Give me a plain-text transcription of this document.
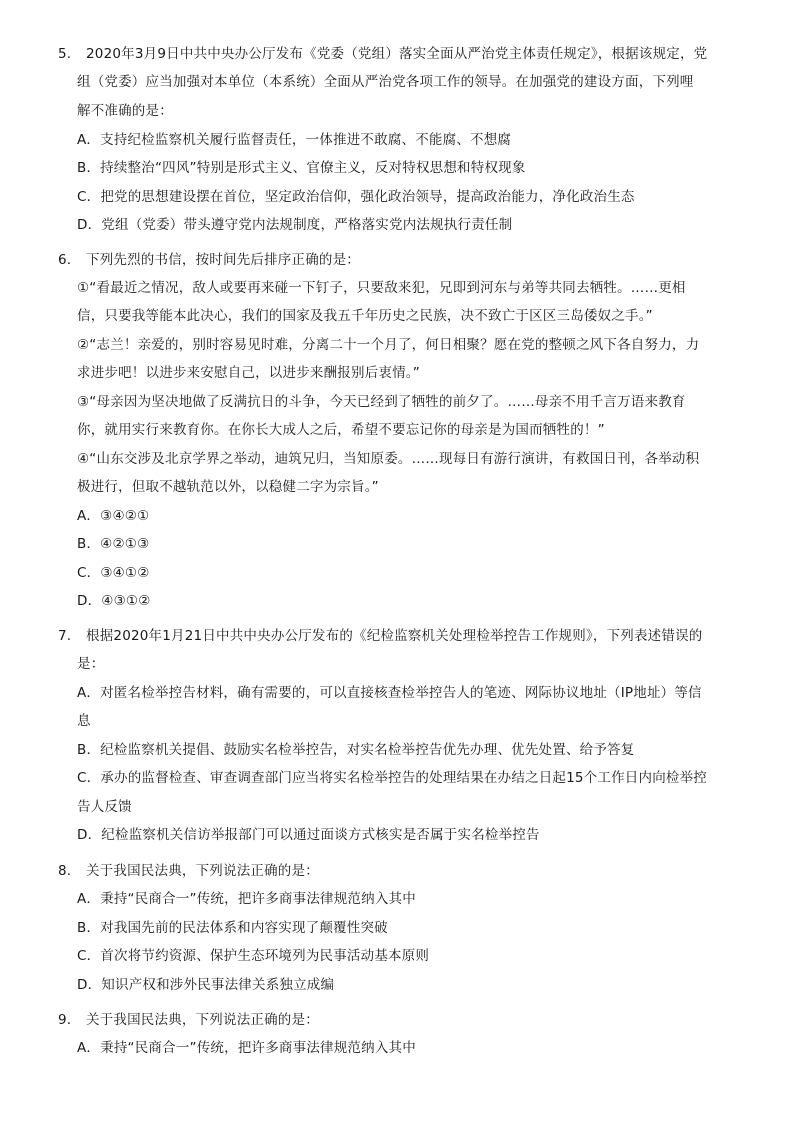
5. 2020年3月9日中共中央办公厅发布《党委（党组）落实全面从严治党主体责任规定》，根据该规定，党
组（党委）应当加强对本单位（本系统）全面从严治党各项工作的领导。在加强党的建设方面，下列哩
解不准确的是：
A．支持纪检监察机关履行监督责任，一体推进不敢腐、不能腐、不想腐
B．持续整治“四风”特别是形式主义、官僚主义，反对特权思想和特权现象
C．把党的思想建设摆在首位，坚定政治信仰，强化政治领导，提高政治能力，净化政治生态
D．党组（党委）带头遵守党内法规制度，严格落实党内法规执行责任制
6. 下列先烈的书信，按时间先后排序正确的是：
①“看最近之情况，敌人或要再来碰一下钉子，只要敌来犯，兄即到河东与弟等共同去牺牲。……更相
信，只要我等能本此决心，我们的国家及我五千年历史之民族，决不致亡于区区三岛倭奴之手。”
②“志兰！亲爱的，别时容易见时难，分离二十一个月了，何日相聚？愿在党的整顿之风下各自努力，力
求进步吧！以进步来安慰自己，以进步来酬报别后衷情。”
③“母亲因为坚决地做了反满抗日的斗争，今天已经到了牺牲的前夕了。……母亲不用千言万语来教育
你，就用实行来教育你。在你长大成人之后，希望不要忘记你的母亲是为国而牺牲的！”
④“山东交涉及北京学界之举动，迪筑兄归，当知原委。……现每日有游行演讲，有救国日刊，各举动积
极进行，但取不越轨范以外，以稳健二字为宗旨。”
A．③④②①
B．④②①③
C．③④①②
D．④③①②
7. 根据2020年1月21日中共中央办公厅发布的《纪检监察机关处理检举控告工作规则》，下列表述错误的
是：
A．对匿名检举控告材料，确有需要的，可以直接核查检举控告人的笔迹、网际协议地址（IP地址）等信
息
B．纪检监察机关提倡、鼓励实名检举控告，对实名检举控告优先办理、优先处置、给予答复
C．承办的监督检查、审查调查部门应当将实名检举控告的处理结果在办结之日起15个工作日内向检举控
告人反馈
D．纪检监察机关信访举报部门可以通过面谈方式核实是否属于实名检举控告
8. 关于我国民法典，下列说法正确的是：
A．秉持“民商合一”传统，把许多商事法律规范纳入其中
B．对我国先前的民法体系和内容实现了颠覆性突破
C．首次将节约资源、保护生态环境列为民事活动基本原则
D．知识产权和涉外民事法律关系独立成编
9. 关于我国民法典，下列说法正确的是：
A．秉持“民商合一”传统，把许多商事法律规范纳入其中
